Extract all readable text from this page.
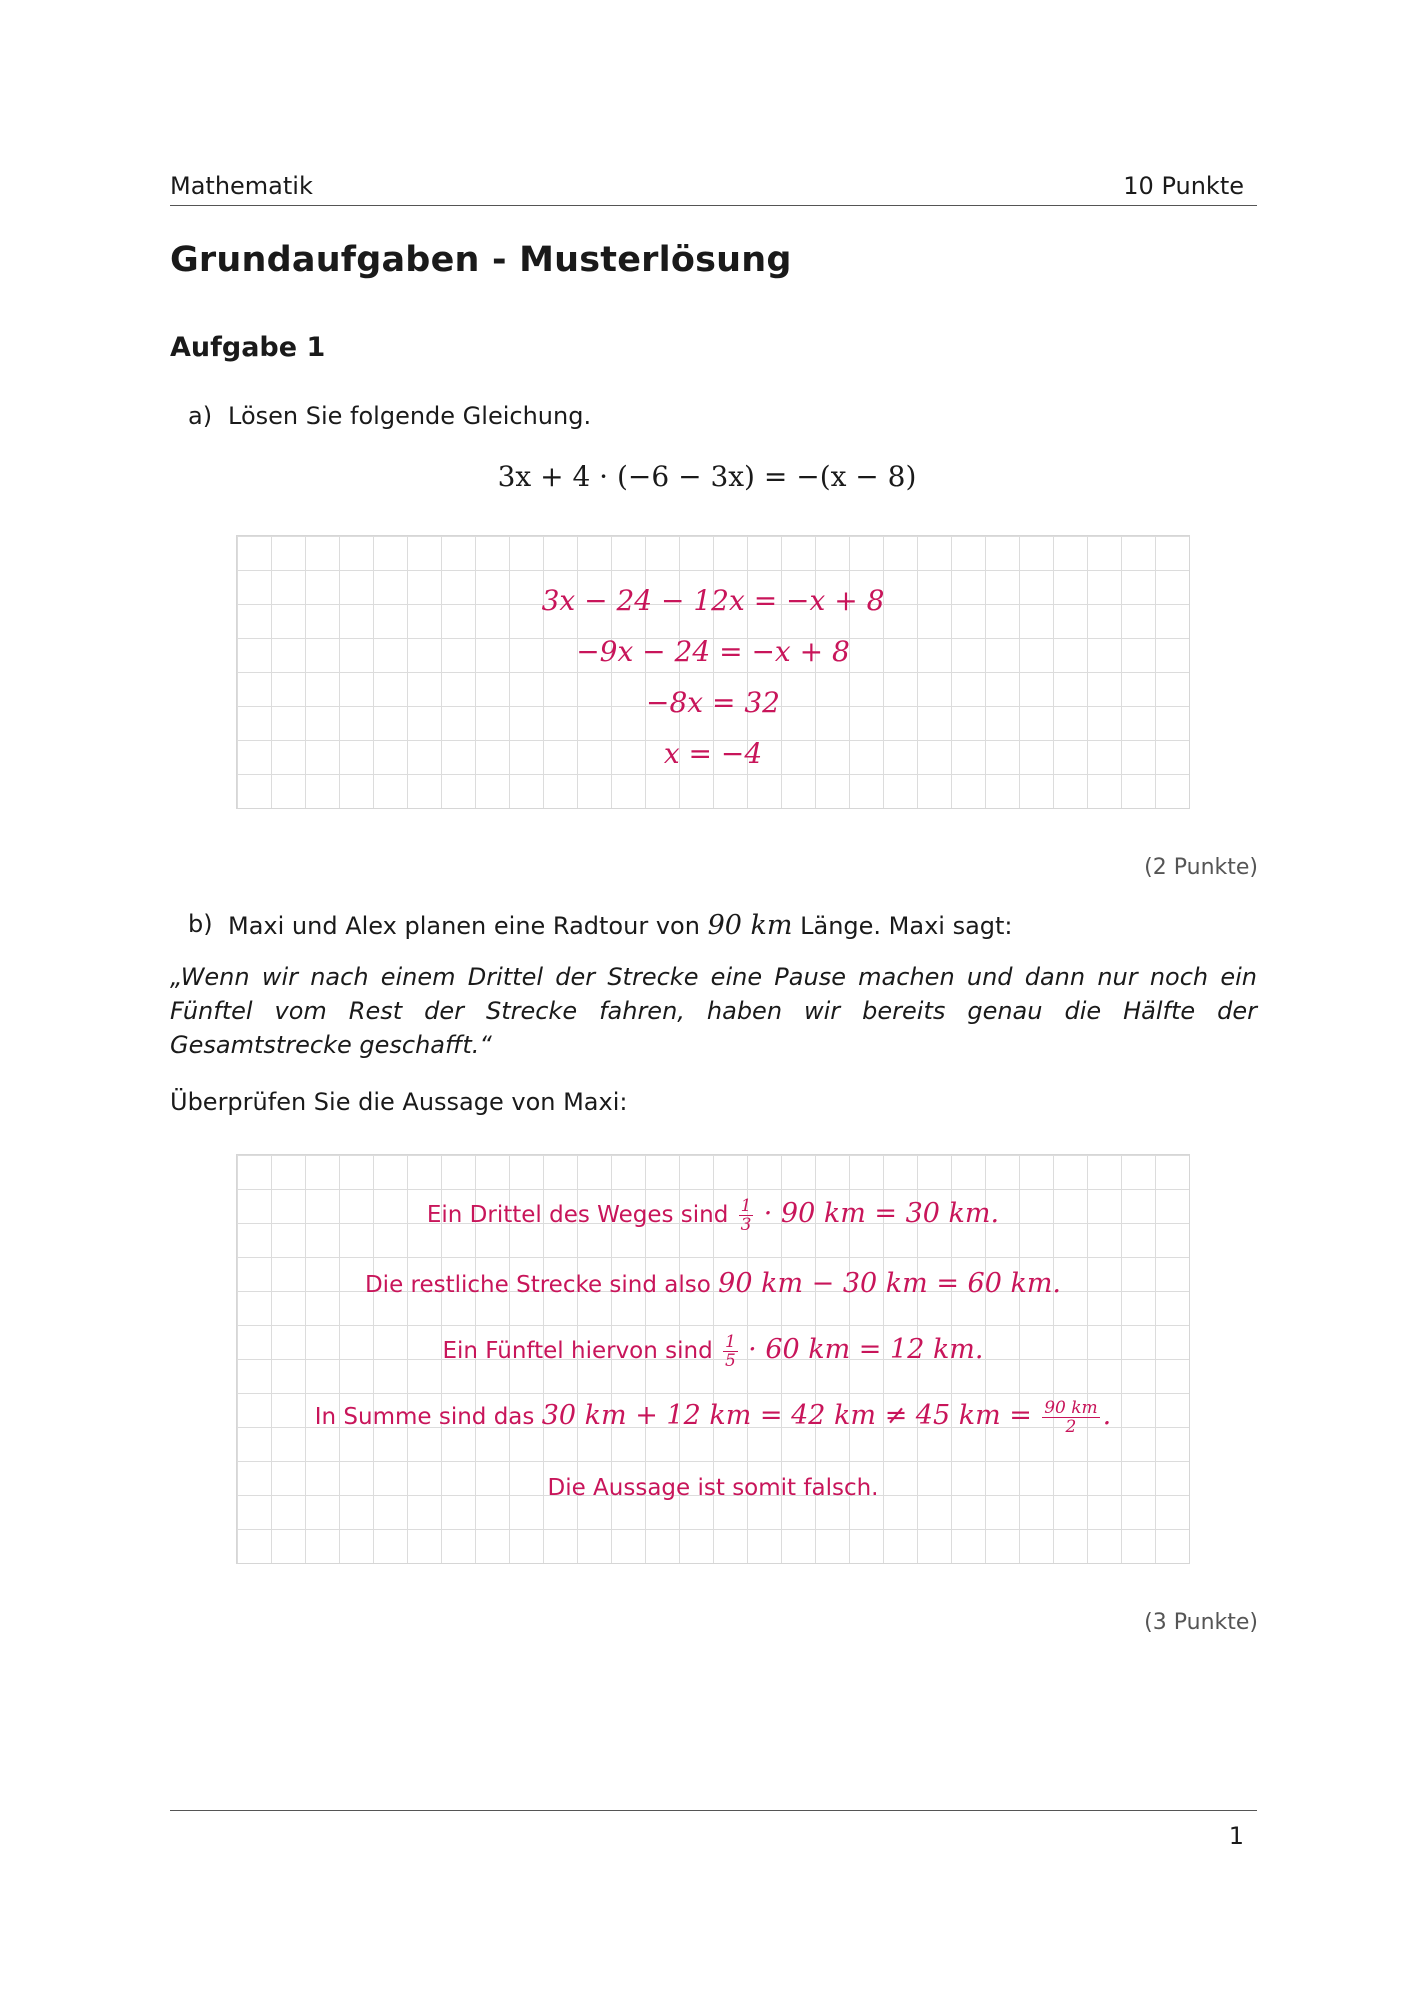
Mathematik	10 Punkte
Grundaufgaben - Musterlösung
Aufgabe 1
a) Lösen Sie folgende Gleichung.
3x + 4 · (−6 − 3x) = −(x − 8)
3x − 24 − 12x = −x + 8
−9x − 24 = −x + 8
−8x = 32
x = −4
(2 Punkte)
b) Maxi und Alex planen eine Radtour von 90 km Länge. Maxi sagt:
„Wenn wir nach einem Drittel der Strecke eine Pause machen und dann nur noch ein Fünftel vom Rest der Strecke fahren, haben wir bereits genau die Hälfte der Gesamtstrecke geschafft.“
Überprüfen Sie die Aussage von Maxi:
Ein Drittel des Weges sind $\frac{1}{3} \cdot 90$ km = 30 km.
Die restliche Strecke sind also 90 km − 30 km = 60 km.
Ein Fünftel hiervon sind $\frac{1}{5} \cdot 60$ km = 12 km.
In Summe sind das 30 km + 12 km = 42 km ≠ 45 km = $\frac{90 km}{2}$ .
Die Aussage ist somit falsch.
(3 Punkte)
1
